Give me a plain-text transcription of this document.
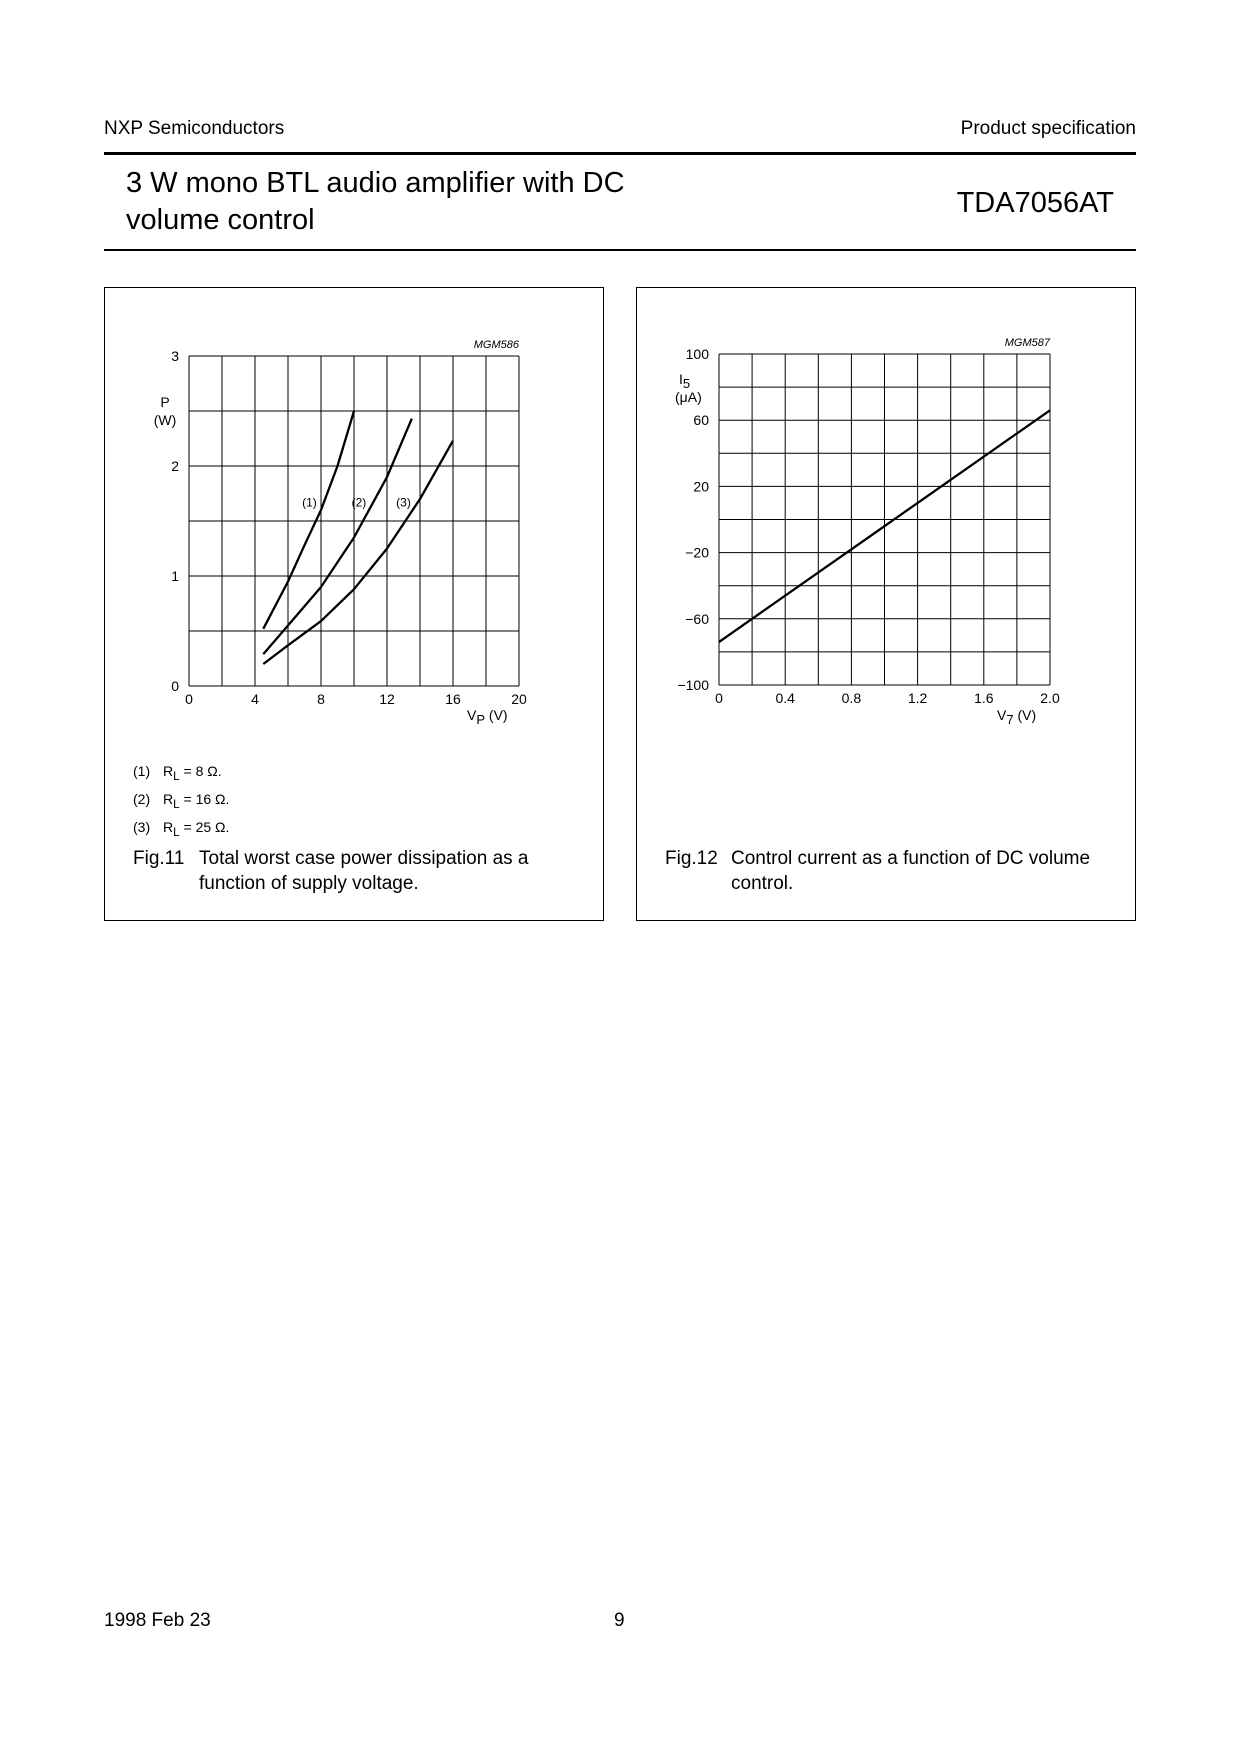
NXP Semiconductors	Product specification
3 W mono BTL audio amplifier with DC volume control
TDA7056AT
0	4	8	12	16	20
0
1
2
3
MGM586
P
(W)
VP (V)
(1)	(2) (3)
(1) $R_L = 8$ Ω.
(2) $R_L = 16$ Ω.
(3) $R_L = 25$ Ω.
Fig.11 Total worst case power dissipation as a function of supply voltage.
0	0.4	0.8	1.2	1.6	2.0
100
60
20
−20
−60
−100
MGM587
I5
(μA)
V7 (V)
Fig.12 Control current as a function of DC volume control.
1998 Feb 23	9
